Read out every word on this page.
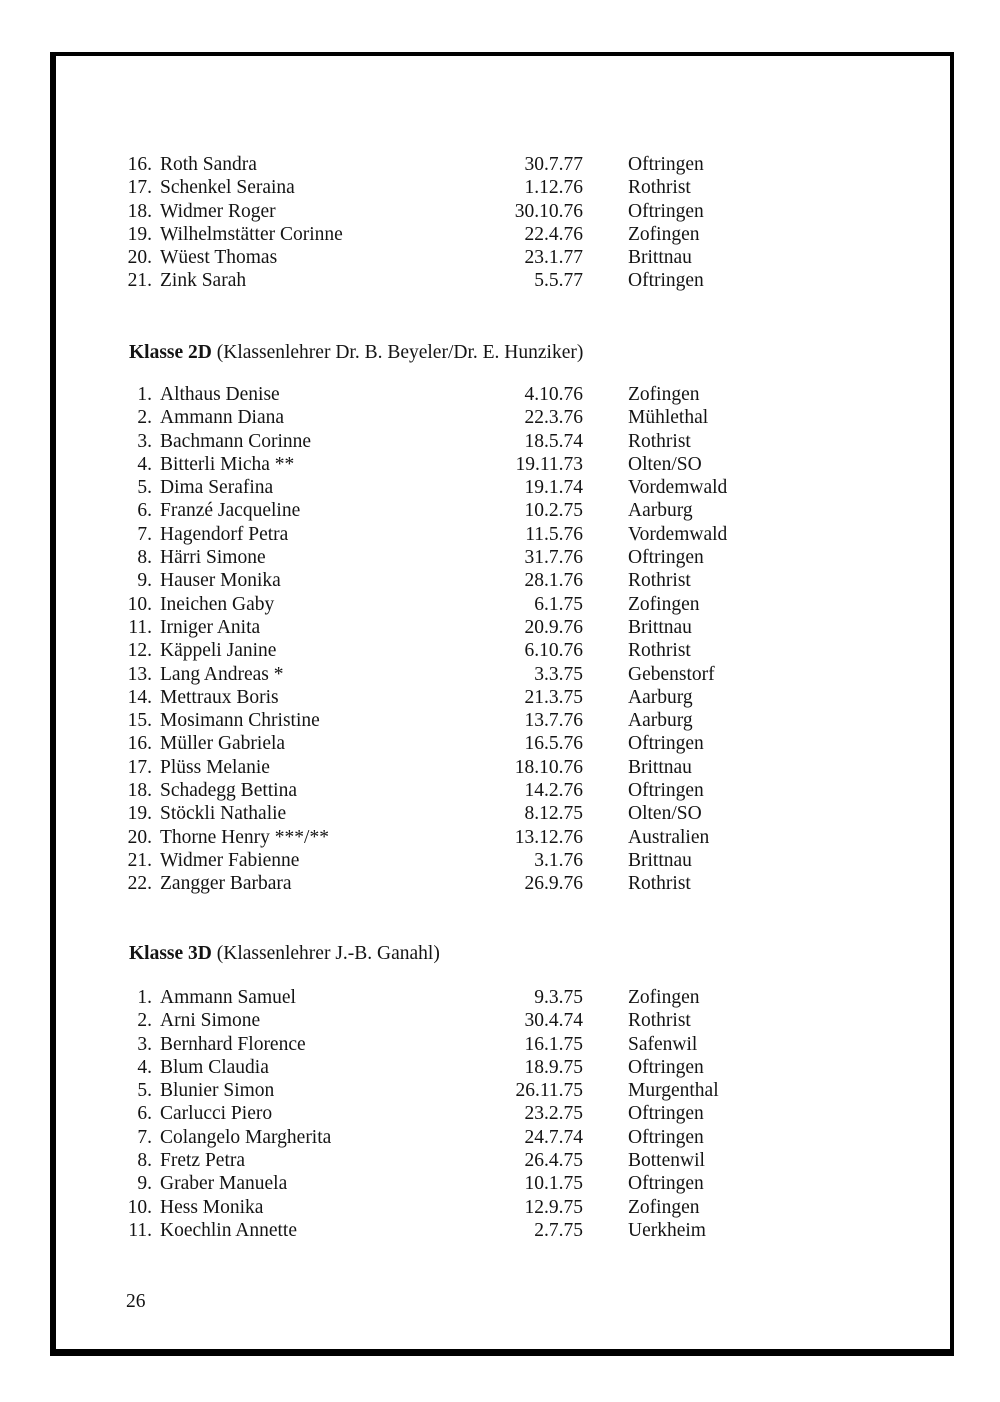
16. Roth Sandra	30.7.77 Oftringen
17. Schenkel Seraina	1.12.76 Rothrist
18. Widmer Roger	30.10.76 Oftringen
19. Wilhelmstätter Corinne	22.4.76 Zofingen
20. Wüest Thomas	23.1.77 Brittnau
21. Zink Sarah	5.5.77 Oftringen
Klasse 2D (Klassenlehrer Dr. B. Beyeler/Dr. E. Hunziker)
1. Althaus Denise	4.10.76 Zofingen
2. Ammann Diana	22.3.76 Mühlethal
3. Bachmann Corinne	18.5.74 Rothrist
4. Bitterli Micha **	19.11.73 Olten/SO
5. Dima Serafina	19.1.74 Vordemwald
6. Franzé Jacqueline	10.2.75 Aarburg
7. Hagendorf Petra	11.5.76 Vordemwald
8. Härri Simone	31.7.76 Oftringen
9. Hauser Monika	28.1.76 Rothrist
10. Ineichen Gaby	6.1.75 Zofingen
11. Irniger Anita	20.9.76 Brittnau
12. Käppeli Janine	6.10.76 Rothrist
13. Lang Andreas *	3.3.75 Gebenstorf
14. Mettraux Boris	21.3.75 Aarburg
15. Mosimann Christine	13.7.76 Aarburg
16. Müller Gabriela	16.5.76 Oftringen
17. Plüss Melanie	18.10.76 Brittnau
18. Schadegg Bettina	14.2.76 Oftringen
19. Stöckli Nathalie	8.12.75 Olten/SO
20. Thorne Henry ***/**	13.12.76 Australien
21. Widmer Fabienne	3.1.76 Brittnau
22. Zangger Barbara	26.9.76 Rothrist
Klasse 3D (Klassenlehrer J.-B. Ganahl)
1. Ammann Samuel	9.3.75 Zofingen
2. Arni Simone	30.4.74 Rothrist
3. Bernhard Florence	16.1.75 Safenwil
4. Blum Claudia	18.9.75 Oftringen
5. Blunier Simon	26.11.75 Murgenthal
6. Carlucci Piero	23.2.75 Oftringen
7. Colangelo Margherita	24.7.74 Oftringen
8. Fretz Petra	26.4.75 Bottenwil
9. Graber Manuela	10.1.75 Oftringen
10. Hess Monika	12.9.75 Zofingen
11. Koechlin Annette	2.7.75 Uerkheim
26
